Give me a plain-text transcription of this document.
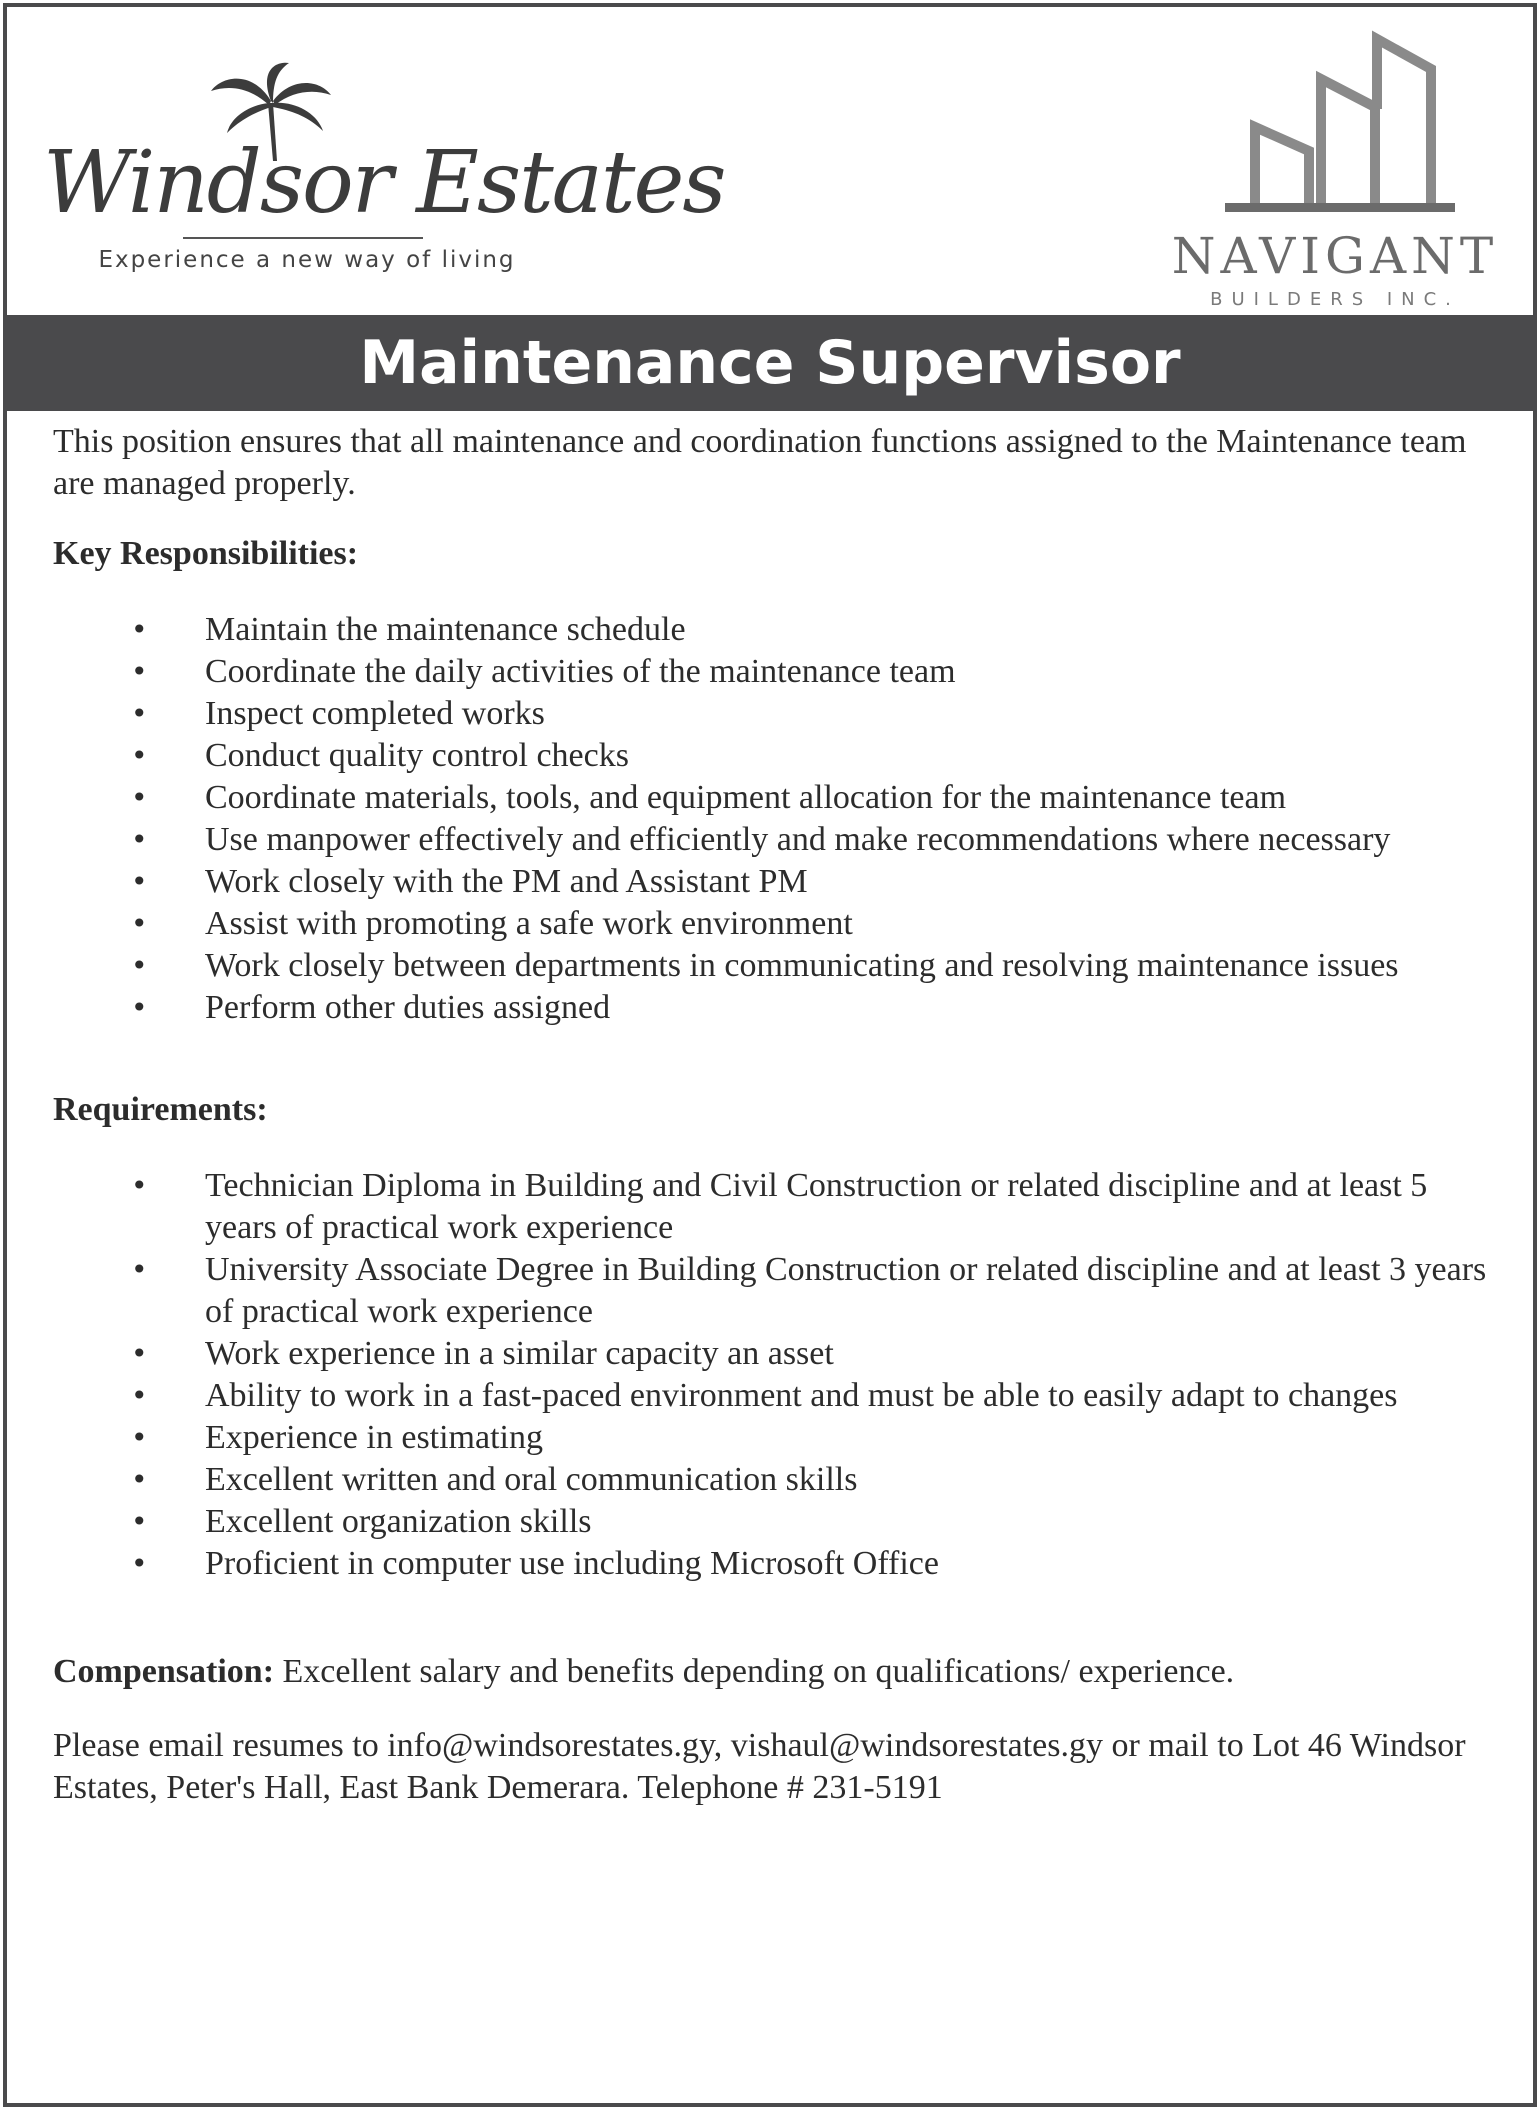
Windsor Estates
Experience a new way of living	NAVIGANT
BUILDERS INC.
Maintenance Supervisor

This position ensures that all maintenance and coordination functions assigned to the Maintenance team are managed properly.

Key Responsibilities:

• Maintain the maintenance schedule
• Coordinate the daily activities of the maintenance team
• Inspect completed works
• Conduct quality control checks
• Coordinate materials, tools, and equipment allocation for the maintenance team
• Use manpower effectively and efficiently and make recommendations where necessary
• Work closely with the PM and Assistant PM
• Assist with promoting a safe work environment
• Work closely between departments in communicating and resolving maintenance issues
• Perform other duties assigned

Requirements:

• Technician Diploma in Building and Civil Construction or related discipline and at least 5 years of practical work experience
• University Associate Degree in Building Construction or related discipline and at least 3 years of practical work experience
• Work experience in a similar capacity an asset
• Ability to work in a fast-paced environment and must be able to easily adapt to changes
• Experience in estimating
• Excellent written and oral communication skills
• Excellent organization skills
• Proficient in computer use including Microsoft Office

Compensation: Excellent salary and benefits depending on qualifications/ experience.

Please email resumes to info@windsorestates.gy, vishaul@windsorestates.gy or mail to Lot 46 Windsor Estates, Peter's Hall, East Bank Demerara. Telephone # 231-5191
